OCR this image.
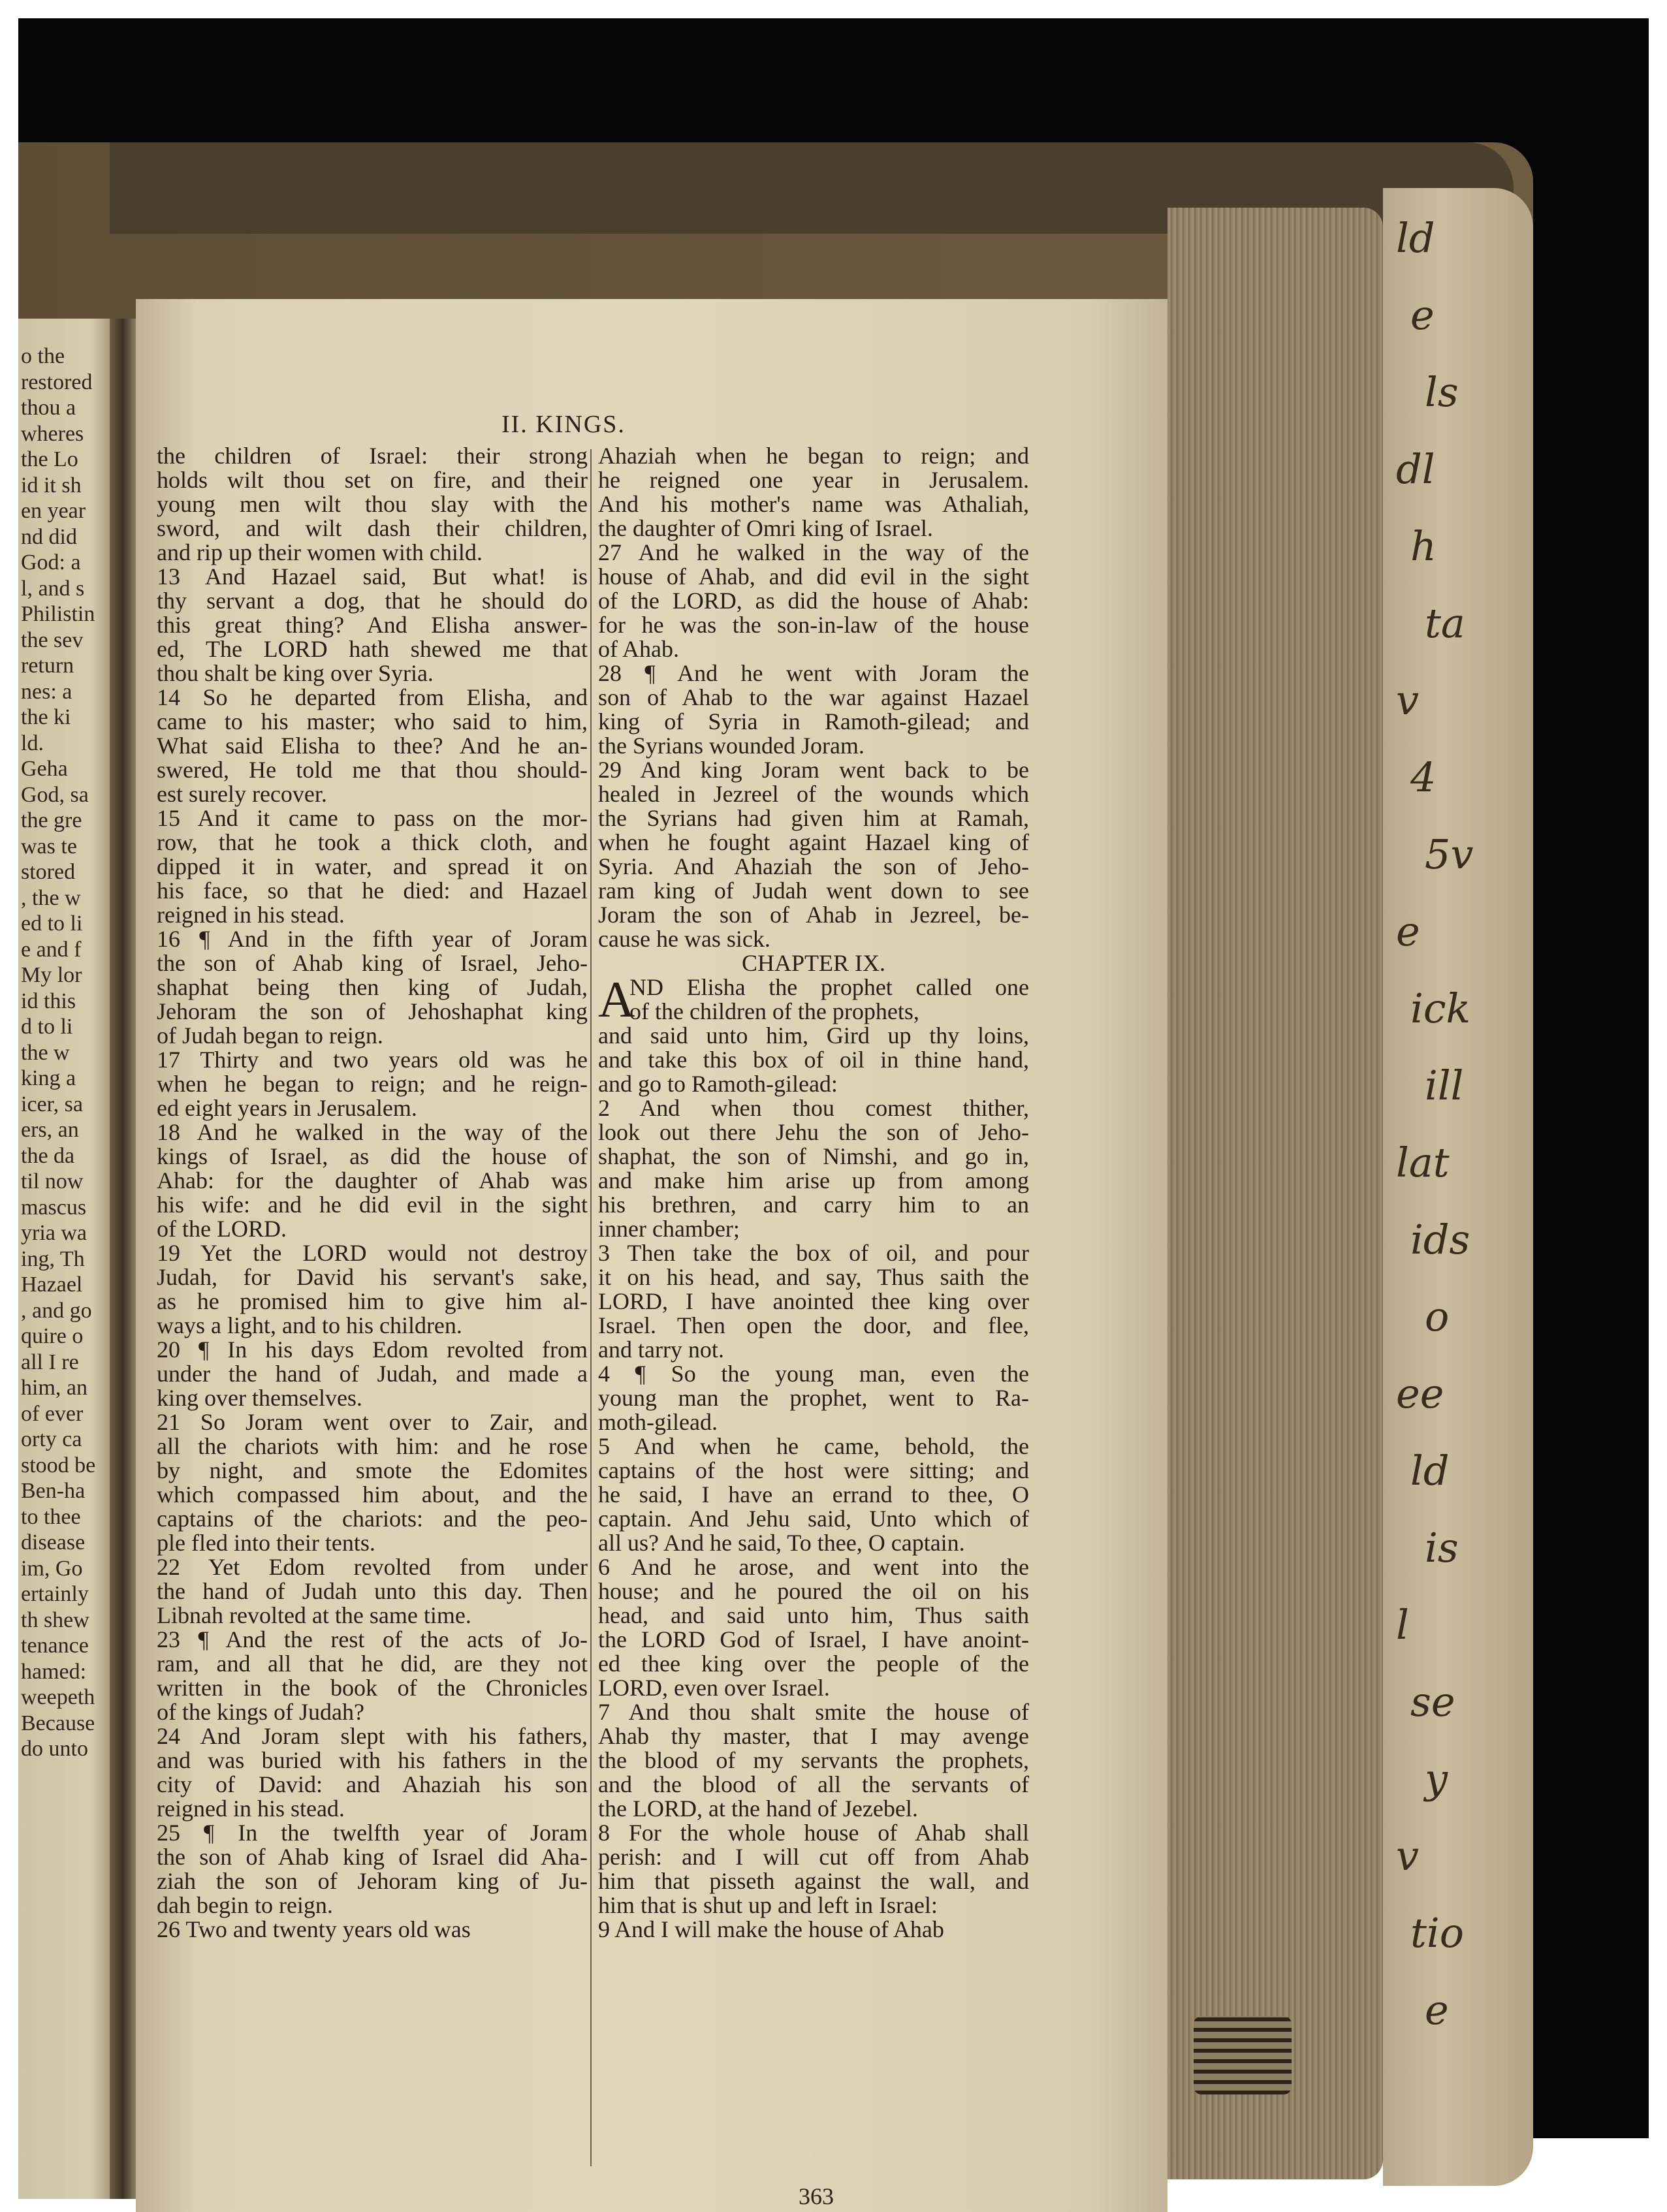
o the
restored
thou a
wheres
the Lo
id it sh
en year
nd did
God: a
l, and s
Philistin
the sev
return
nes: a
the ki
ld.
Geha
God, sa
the gre
was te
stored
, the w
ed to li
e and f
My lor
id this
d to li
the w
king a
icer, sa
ers, an
the da
til now
mascus
yria wa
ing, Th
Hazael
, and go
quire o
all I re
him, an
of ever
orty ca
stood be
Ben-ha
to thee
disease
im, Go
ertainly
th shew
tenance
hamed:
weepeth
Because
do unto
II. KINGS.
the children of Israel: their strong
holds wilt thou set on fire, and their
young men wilt thou slay with the
sword, and wilt dash their children,
and rip up their women with child.
13 And Hazael said, But what! is
thy servant a dog, that he should do
this great thing? And Elisha answer-
ed, The LORD hath shewed me that
thou shalt be king over Syria.
14 So he departed from Elisha, and
came to his master; who said to him,
What said Elisha to thee? And he an-
swered, He told me that thou should-
est surely recover.
15 And it came to pass on the mor-
row, that he took a thick cloth, and
dipped it in water, and spread it on
his face, so that he died: and Hazael
reigned in his stead.
16 ¶ And in the fifth year of Joram
the son of Ahab king of Israel, Jeho-
shaphat being then king of Judah,
Jehoram the son of Jehoshaphat king
of Judah began to reign.
17 Thirty and two years old was he
when he began to reign; and he reign-
ed eight years in Jerusalem.
18 And he walked in the way of the
kings of Israel, as did the house of
Ahab: for the daughter of Ahab was
his wife: and he did evil in the sight
of the LORD.
19 Yet the LORD would not destroy
Judah, for David his servant's sake,
as he promised him to give him al-
ways a light, and to his children.
20 ¶ In his days Edom revolted from
under the hand of Judah, and made a
king over themselves.
21 So Joram went over to Zair, and
all the chariots with him: and he rose
by night, and smote the Edomites
which compassed him about, and the
captains of the chariots: and the peo-
ple fled into their tents.
22 Yet Edom revolted from under
the hand of Judah unto this day. Then
Libnah revolted at the same time.
23 ¶ And the rest of the acts of Jo-
ram, and all that he did, are they not
written in the book of the Chronicles
of the kings of Judah?
24 And Joram slept with his fathers,
and was buried with his fathers in the
city of David: and Ahaziah his son
reigned in his stead.
25 ¶ In the twelfth year of Joram
the son of Ahab king of Israel did Aha-
ziah the son of Jehoram king of Ju-
dah begin to reign.
26 Two and twenty years old was
Ahaziah when he began to reign; and
he reigned one year in Jerusalem.
And his mother's name was Athaliah,
the daughter of Omri king of Israel.
27 And he walked in the way of the
house of Ahab, and did evil in the sight
of the LORD, as did the house of Ahab:
for he was the son-in-law of the house
of Ahab.
28 ¶ And he went with Joram the
son of Ahab to the war against Hazael
king of Syria in Ramoth-gilead; and
the Syrians wounded Joram.
29 And king Joram went back to be
healed in Jezreel of the wounds which
the Syrians had given him at Ramah,
when he fought againt Hazael king of
Syria. And Ahaziah the son of Jeho-
ram king of Judah went down to see
Joram the son of Ahab in Jezreel, be-
cause he was sick.
CHAPTER IX.
A
ND Elisha the prophet called one
of the children of the prophets,
and said unto him, Gird up thy loins,
and take this box of oil in thine hand,
and go to Ramoth-gilead:
2 And when thou comest thither,
look out there Jehu the son of Jeho-
shaphat, the son of Nimshi, and go in,
and make him arise up from among
his brethren, and carry him to an
inner chamber;
3 Then take the box of oil, and pour
it on his head, and say, Thus saith the
LORD, I have anointed thee king over
Israel. Then open the door, and flee,
and tarry not.
4 ¶ So the young man, even the
young man the prophet, went to Ra-
moth-gilead.
5 And when he came, behold, the
captains of the host were sitting; and
he said, I have an errand to thee, O
captain. And Jehu said, Unto which of
all us? And he said, To thee, O captain.
6 And he arose, and went into the
house; and he poured the oil on his
head, and said unto him, Thus saith
the LORD God of Israel, I have anoint-
ed thee king over the people of the
LORD, even over Israel.
7 And thou shalt smite the house of
Ahab thy master, that I may avenge
the blood of my servants the prophets,
and the blood of all the servants of
the LORD, at the hand of Jezebel.
8 For the whole house of Ahab shall
perish: and I will cut off from Ahab
him that pisseth against the wall, and
him that is shut up and left in Israel:
9 And I will make the house of Ahab
363
ld
e
ls
dl
h
ta
v
4
5v
e
ick
ill
lat
ids
o
ee
ld
is
l
se
y
v
tio
e
